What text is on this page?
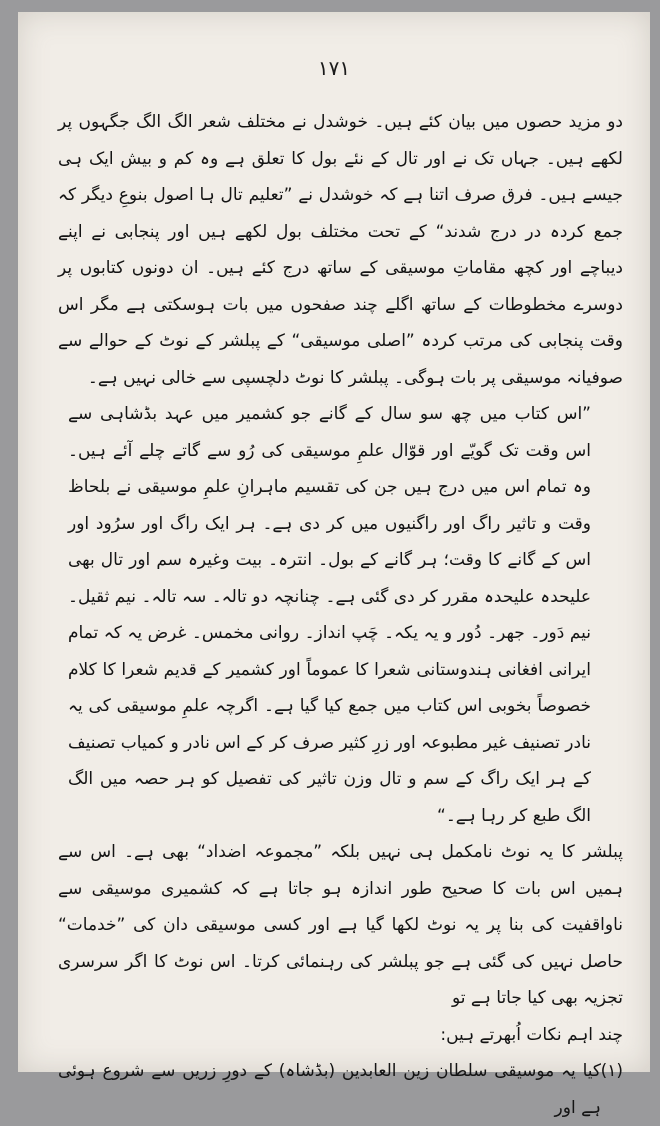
۱۷۱

دو مزید حصوں میں بیان کئے ہیں۔ خوشدل نے مختلف شعر الگ الگ جگہوں پر لکھے ہیں۔ جہاں تک نے اور تال کے نئے بول کا تعلق ہے وہ کم و بیش ایک ہی جیسے ہیں۔ فرق صرف اتنا ہے کہ خوشدل نے ”تعلیم تال ہا اصول بنوعِ دیگر کہ جمع کردہ در درج شدند“ کے تحت مختلف بول لکھے ہیں اور پنجابی نے اپنے دیباچے اور کچھ مقاماتِ موسیقی کے ساتھ درج کئے ہیں۔ ان دونوں کتابوں پر دوسرے مخطوطات کے ساتھ اگلے چند صفحوں میں بات ہوسکتی ہے مگر اس وقت پنجابی کی مرتب کردہ ”اصلی موسیقی“ کے پبلشر کے نوٹ کے حوالے سے صوفیانہ موسیقی پر بات ہوگی۔ پبلشر کا نوٹ دلچسپی سے خالی نہیں ہے۔

”اس کتاب میں چھ سو سال کے گانے جو کشمیر میں عہد بڈشاہی سے اس وقت تک گویّے اور قوّال علمِ موسیقی کی رُو سے گاتے چلے آئے ہیں۔ وہ تمام اس میں درج ہیں جن کی تقسیم ماہرانِ علمِ موسیقی نے بلحاظ وقت و تاثیر راگ اور راگنیوں میں کر دی ہے۔ ہر ایک راگ اور سرُود اور اس کے گانے کا وقت؛ ہر گانے کے بول۔ انترہ۔ بیت وغیرہ سم اور تال بھی علیحدہ علیحدہ مقرر کر دی گئی ہے۔ چنانچہ دو تالہ۔ سہ تالہ۔ نیم ثقیل۔ نیم دَور۔ جھر۔ دُور و یہ یکہ۔ چَپ انداز۔ روانی مخمس۔ غرض یہ کہ تمام ایرانی افغانی ہندوستانی شعرا کا عموماً اور کشمیر کے قدیم شعرا کا کلام خصوصاً بخوبی اس کتاب میں جمع کیا گیا ہے۔ اگرچہ علمِ موسیقی کی یہ نادر تصنیف غیر مطبوعہ اور زرِ کثیر صرف کر کے اس نادر و کمیاب تصنیف کے ہر ایک راگ کے سم و تال وزن تاثیر کی تفصیل کو ہر حصہ میں الگ الگ طبع کر رہا ہے۔“

پبلشر کا یہ نوٹ نامکمل ہی نہیں بلکہ ”مجموعہ اضداد“ بھی ہے۔ اس سے ہمیں اس بات کا صحیح طور اندازہ ہو جاتا ہے کہ کشمیری موسیقی سے ناواقفیت کی بنا پر یہ نوٹ لکھا گیا ہے اور کسی موسیقی دان کی ”خدمات“ حاصل نہیں کی گئی ہے جو پبلشر کی رہنمائی کرتا۔ اس نوٹ کا اگر سرسری تجزیہ بھی کیا جاتا ہے تو

چند اہم نکات اُبھرتے ہیں:

(۱)
کیا یہ موسیقی سلطان زین العابدین (بڈشاہ) کے دورِ زریں سے شروع ہوئی ہے اور
